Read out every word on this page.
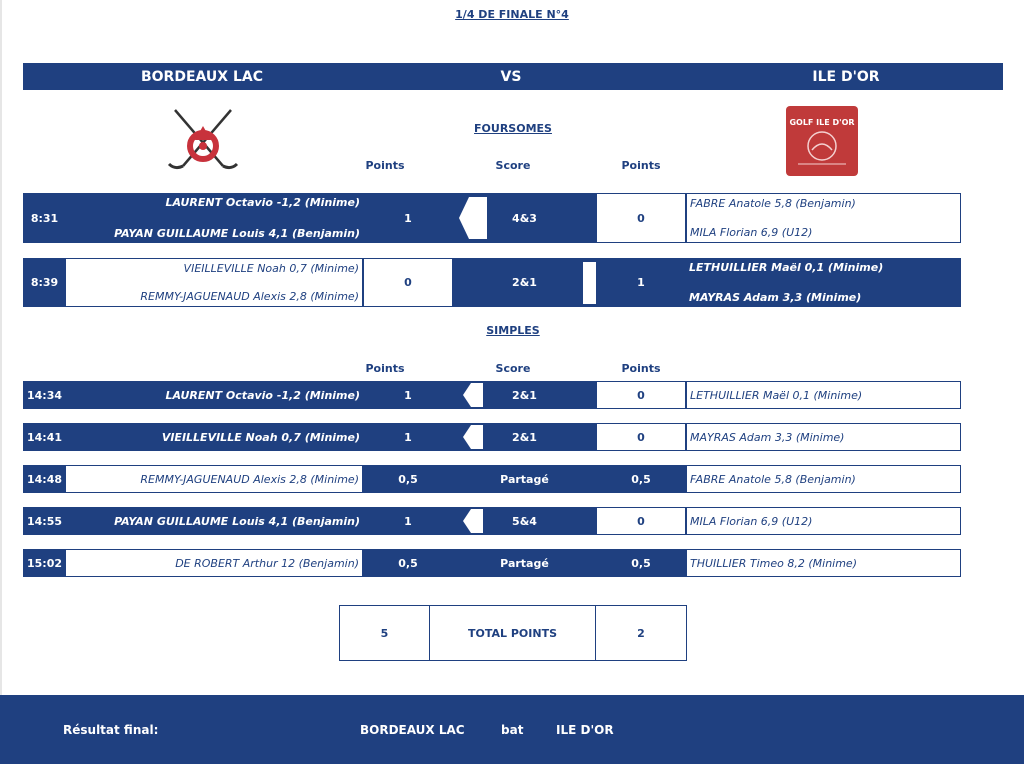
1/4 DE FINALE N°4
BORDEAUX LAC	VS	ILE D'OR
GOLF ILE D'OR
FOURSOMES
Points	Score	Points
8:31
LAURENT Octavio -1,2 (Minime)
PAYAN GUILLAUME Louis 4,1 (Benjamin)
1	4&3	0
FABRE Anatole 5,8 (Benjamin)
MILA Florian 6,9 (U12)
8:39
VIEILLEVILLE Noah 0,7 (Minime)
REMMY-JAGUENAUD Alexis 2,8 (Minime)
0	2&1	1
LETHUILLIER Maël 0,1 (Minime)
MAYRAS Adam 3,3 (Minime)
SIMPLES
Points	Score	Points
14:34	LAURENT Octavio -1,2 (Minime)	1	2&1	0	LETHUILLIER Maël 0,1 (Minime)
14:41	VIEILLEVILLE Noah 0,7 (Minime)	1	2&1	0	MAYRAS Adam 3,3 (Minime)
14:48	REMMY-JAGUENAUD Alexis 2,8 (Minime)	0,5	Partagé	0,5	FABRE Anatole 5,8 (Benjamin)
14:55	PAYAN GUILLAUME Louis 4,1 (Benjamin)	1	5&4	0	MILA Florian 6,9 (U12)
15:02	DE ROBERT Arthur 12 (Benjamin)	0,5	Partagé	0,5	THUILLIER Timeo 8,2 (Minime)
5	TOTAL POINTS	2
Résultat final:	BORDEAUX LAC	bat	ILE D'OR
